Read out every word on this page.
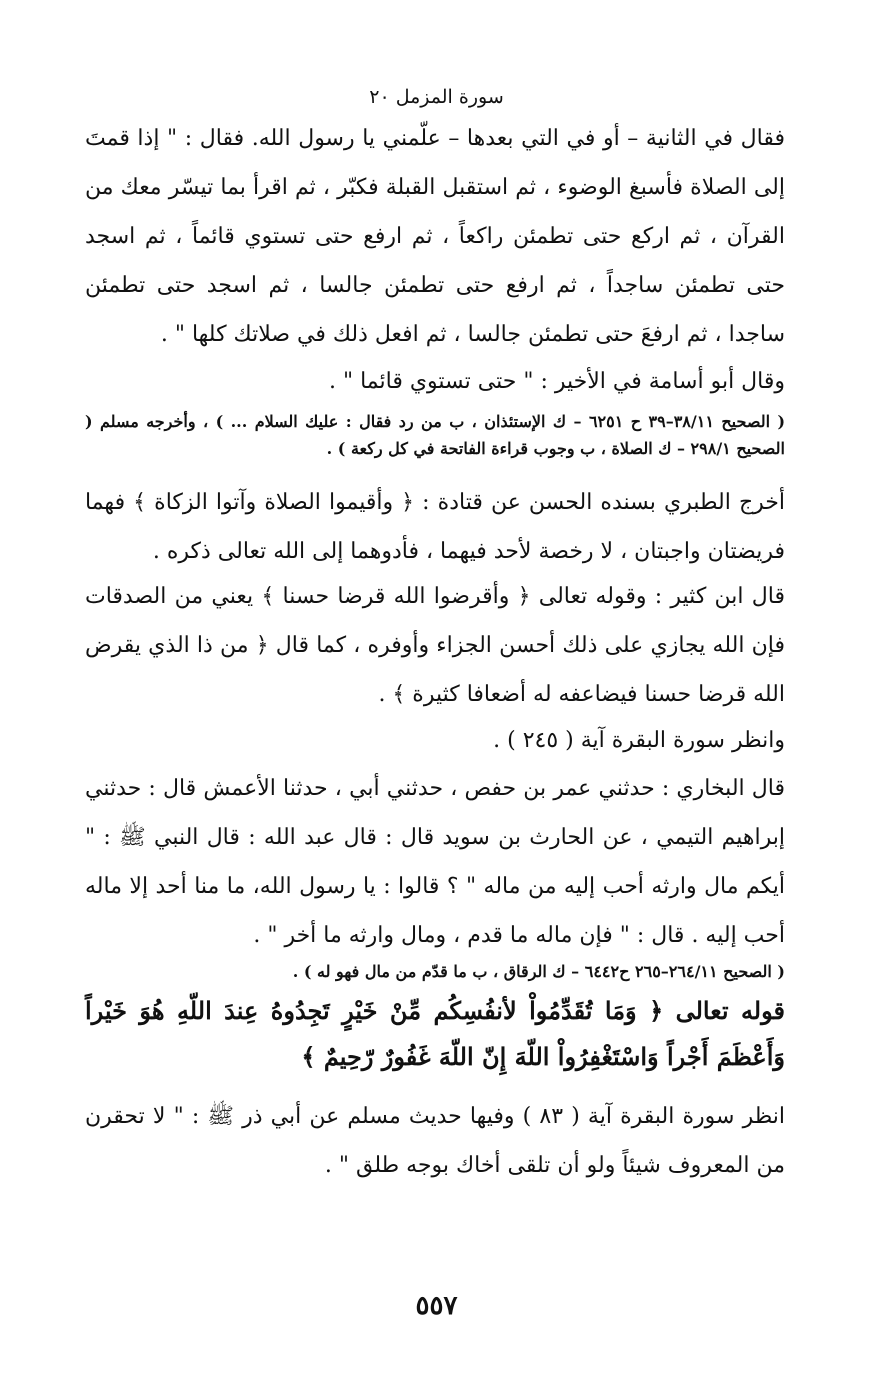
سورة المزمل ٢٠

فقال في الثانية – أو في التي بعدها – علّمني يا رسول الله. فقال : " إذا قمتَ إلى الصلاة فأسبغ الوضوء ، ثم استقبل القبلة فكبّر ، ثم اقرأ بما تيسّر معك من القرآن ، ثم اركع حتى تطمئن راكعاً ، ثم ارفع حتى تستوي قائماً ، ثم اسجد حتى تطمئن ساجداً ، ثم ارفع حتى تطمئن جالسا ، ثم اسجد حتى تطمئن ساجدا ، ثم ارفعَ حتى تطمئن جالسا ، ثم افعل ذلك في صلاتك كلها " .

وقال أبو أسامة في الأخير : " حتى تستوي قائما " .

( الصحيح ٣٨/١١–٣٩ ح ٦٢٥١ – ك الإستئذان ، ب من رد فقال : عليك السلام ... ) ، وأخرجه مسلم ( الصحيح ٢٩٨/١ – ك الصلاة ، ب وجوب قراءة الفاتحة في كل ركعة ) .

أخرج الطبري بسنده الحسن عن قتادة : ﴿ وأقيموا الصلاة وآتوا الزكاة ﴾ فهما فريضتان واجبتان ، لا رخصة لأحد فيهما ، فأدوهما إلى الله تعالى ذكره .

قال ابن كثير : وقوله تعالى ﴿ وأقرضوا الله قرضا حسنا ﴾ يعني من الصدقات فإن الله يجازي على ذلك أحسن الجزاء وأوفره ، كما قال ﴿ من ذا الذي يقرض الله قرضا حسنا فيضاعفه له أضعافا كثيرة ﴾ .

وانظر سورة البقرة آية ( ٢٤٥ ) .

قال البخاري : حدثني عمر بن حفص ، حدثني أبي ، حدثنا الأعمش قال : حدثني إبراهيم التيمي ، عن الحارث بن سويد قال : قال عبد الله : قال النبي ﷺ : " أيكم مال وارثه أحب إليه من ماله " ؟ قالوا : يا رسول الله، ما منا أحد إلا ماله أحب إليه . قال : " فإن ماله ما قدم ، ومال وارثه ما أخر " .

( الصحيح ٢٦٤/١١–٢٦٥ ح٦٤٤٢ – ك الرقاق ، ب ما قدّم من مال فهو له ) .

قوله تعالى ﴿ وَمَا تُقَدِّمُواْ لأنفُسِكُم مِّنْ خَيْرٍ تَجِدُوهُ عِندَ اللّهِ هُوَ خَيْراً وَأَعْظَمَ أَجْراً وَاسْتَغْفِرُواْ اللّهَ إِنّ اللّهَ غَفُورٌ رّحِيمٌ ﴾

انظر سورة البقرة آية ( ٨٣ ) وفيها حديث مسلم عن أبي ذر ﷺ : " لا تحقرن من المعروف شيئاً ولو أن تلقى أخاك بوجه طلق " .

٥٥٧
